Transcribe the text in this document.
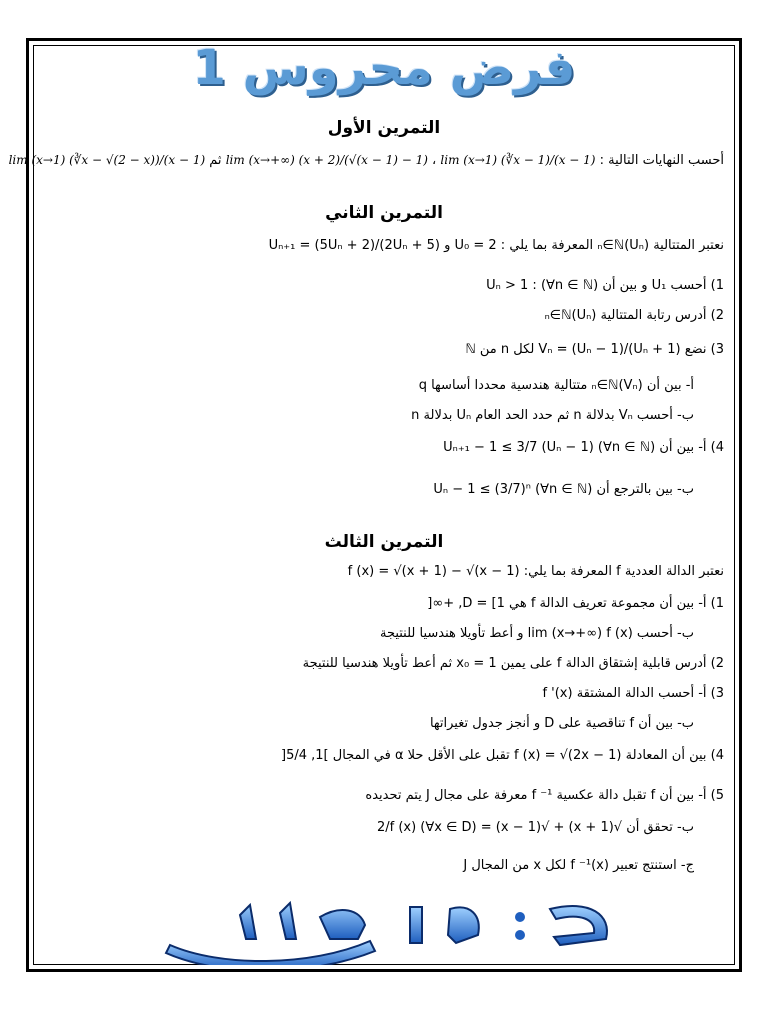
فرض محروس 1
التمرين الأول
أحسب النهايات التالية : lim (x→+∞) (x + 2)/(√(x − 1) − 1) ، lim (x→1) (∛x − 1)/(x − 1) ثم lim (x→1) (∛x − √(2 − x))/(x − 1)
التمرين الثاني
نعتبر المتتالية (Uₙ)ₙ∈ℕ المعرفة بما يلي : U₀ = 2 و Uₙ₊₁ = (5Uₙ + 2)/(2Uₙ + 5)
1) أحسب U₁ و بين أن Uₙ > 1 : (∀n ∈ ℕ)
2) أدرس رتابة المتتالية (Uₙ)ₙ∈ℕ
3) نضع Vₙ = (Uₙ − 1)/(Uₙ + 1) لكل n من ℕ
أ- بين أن (Vₙ)ₙ∈ℕ متتالية هندسية محددا أساسها q
ب- أحسب Vₙ بدلالة n ثم حدد الحد العام Uₙ بدلالة n
4) أ- بين أن Uₙ₊₁ − 1 ≤ 3/7 (Uₙ − 1) (∀n ∈ ℕ)
ب- بين بالترجع أن Uₙ − 1 ≤ (3/7)ⁿ (∀n ∈ ℕ)
التمرين الثالث
نعتبر الدالة العددية f المعرفة بما يلي: f (x) = √(x + 1) − √(x − 1)
1) أ- بين أن مجموعة تعريف الدالة f هي D = [1, +∞[
ب- أحسب lim (x→+∞) f (x) و أعط تأويلا هندسيا للنتيجة
2) أدرس قابلية إشتقاق الدالة f على يمين x₀ = 1 ثم أعط تأويلا هندسيا للنتيجة
3) أ- أحسب الدالة المشتقة f '(x)
ب- بين أن f تناقصية على D و أنجز جدول تغيراتها
4) بين أن المعادلة f (x) = √(2x − 1) تقبل على الأقل حلا α في المجال ]1, 5/4[
5) أ- بين أن f تقبل دالة عكسية f ⁻¹ معرفة على مجال J يتم تحديده
ب- تحقق أن √(x + 1) + √(x − 1) = 2/f (x) (∀x ∈ D)
ج- استنتج تعبير f ⁻¹(x) لكل x من المجال J
ذ: الهاشمي
